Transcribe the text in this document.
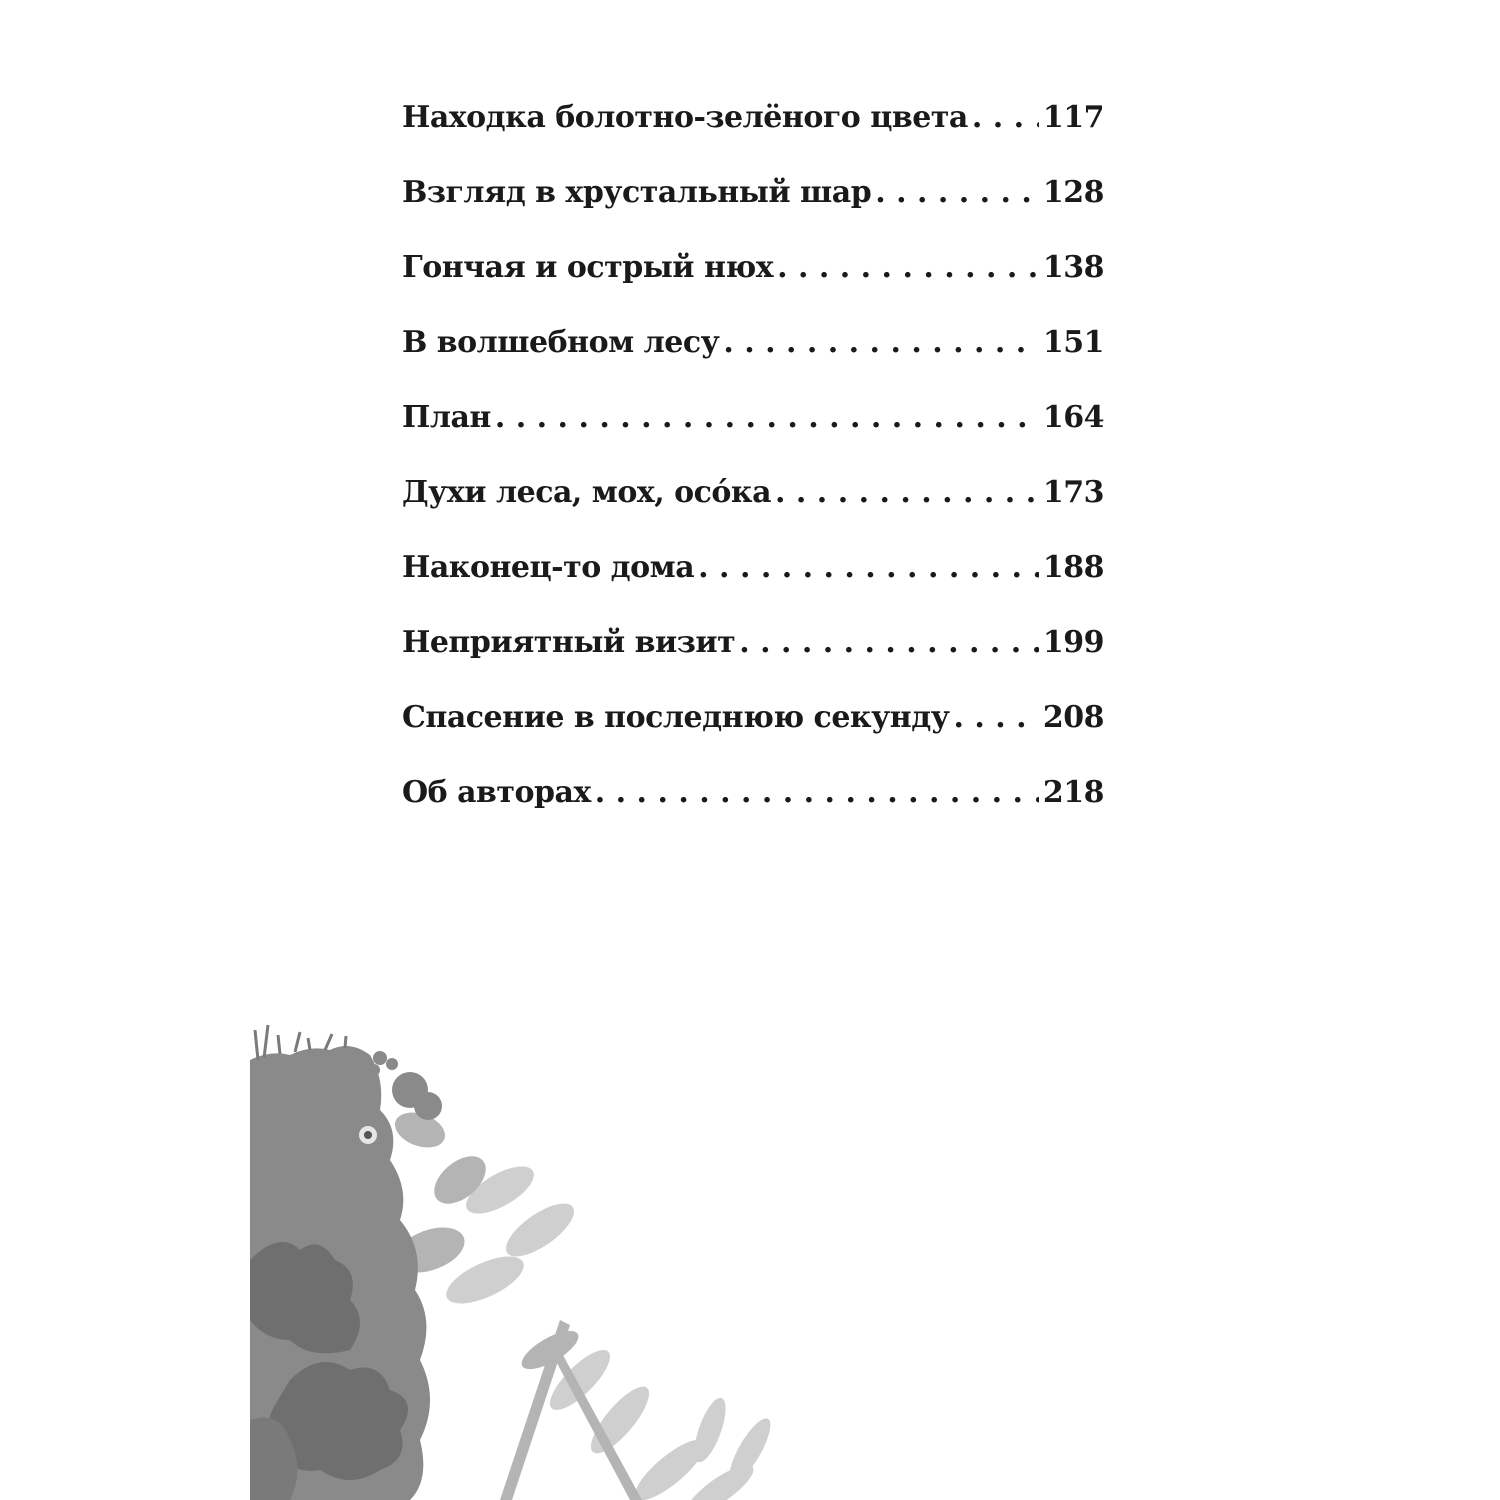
Находка болотно-зелёного цвета . . .	117
Взгляд в хрустальный шар . . .	128
Гончая и острый нюх . . .	138
В волшебном лесу . . .	151
План . . .	164
Духи леса, мох, осо́ка . . .	173
Наконец-то дома . . .	188
Неприятный визит . . .	199
Спасение в последнюю секунду . . .	208
Об авторах . . .	218
